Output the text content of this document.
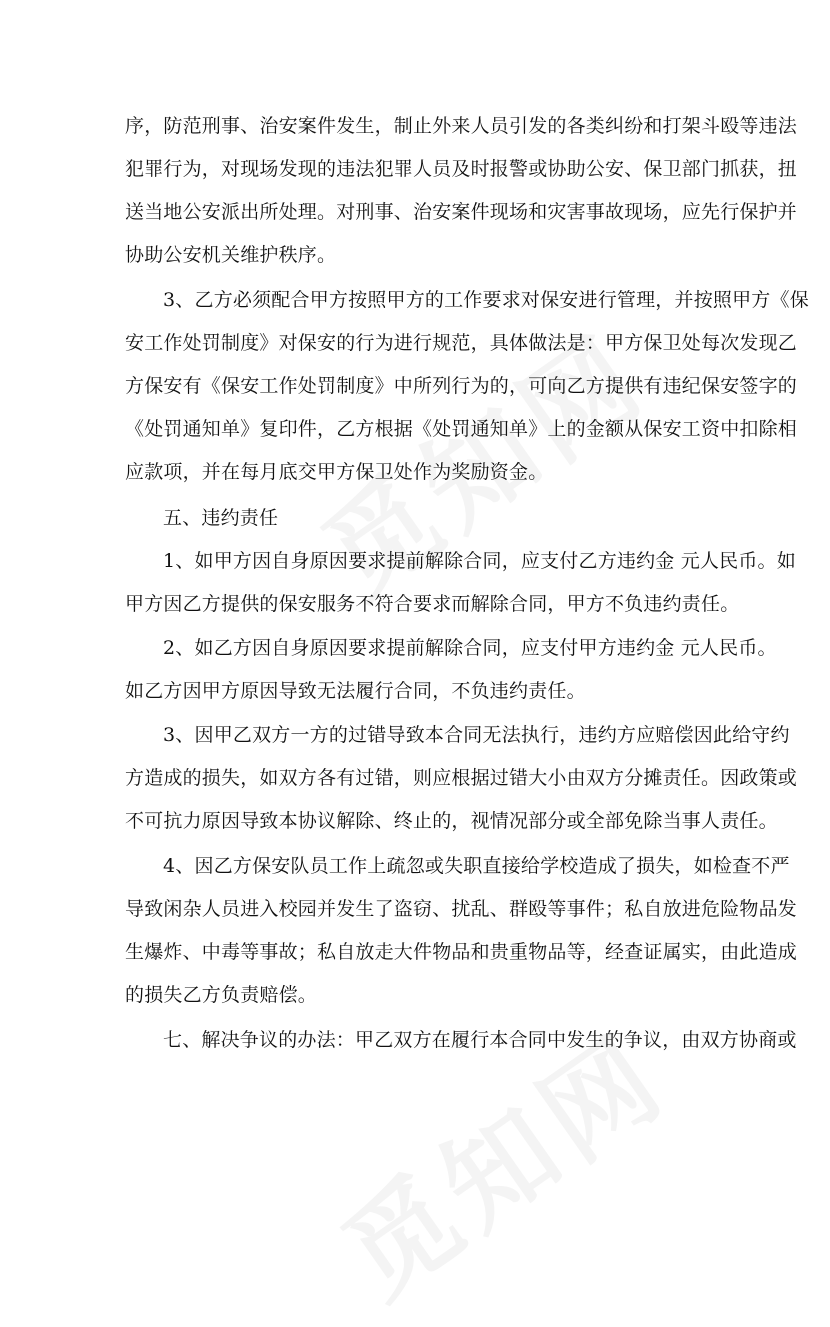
序，防范刑事、治安案件发生，制止外来人员引发的各类纠纷和打架斗殴等违法
犯罪行为，对现场发现的违法犯罪人员及时报警或协助公安、保卫部门抓获，扭
送当地公安派出所处理。对刑事、治安案件现场和灾害事故现场，应先行保护并
协助公安机关维护秩序。
3、乙方必须配合甲方按照甲方的工作要求对保安进行管理，并按照甲方《保
安工作处罚制度》对保安的行为进行规范，具体做法是：甲方保卫处每次发现乙
方保安有《保安工作处罚制度》中所列行为的，可向乙方提供有违纪保安签字的
《处罚通知单》复印件，乙方根据《处罚通知单》上的金额从保安工资中扣除相
应款项，并在每月底交甲方保卫处作为奖励资金。
五、违约责任
1、如甲方因自身原因要求提前解除合同，应支付乙方违约金 元人民币。如
甲方因乙方提供的保安服务不符合要求而解除合同，甲方不负违约责任。
2、如乙方因自身原因要求提前解除合同，应支付甲方违约金 元人民币。
如乙方因甲方原因导致无法履行合同，不负违约责任。
3、因甲乙双方一方的过错导致本合同无法执行，违约方应赔偿因此给守约
方造成的损失，如双方各有过错，则应根据过错大小由双方分摊责任。因政策或
不可抗力原因导致本协议解除、终止的，视情况部分或全部免除当事人责任。
4、因乙方保安队员工作上疏忽或失职直接给学校造成了损失，如检查不严
导致闲杂人员进入校园并发生了盗窃、扰乱、群殴等事件；私自放进危险物品发
生爆炸、中毒等事故；私自放走大件物品和贵重物品等，经查证属实，由此造成
的损失乙方负责赔偿。
七、解决争议的办法：甲乙双方在履行本合同中发生的争议，由双方协商或
